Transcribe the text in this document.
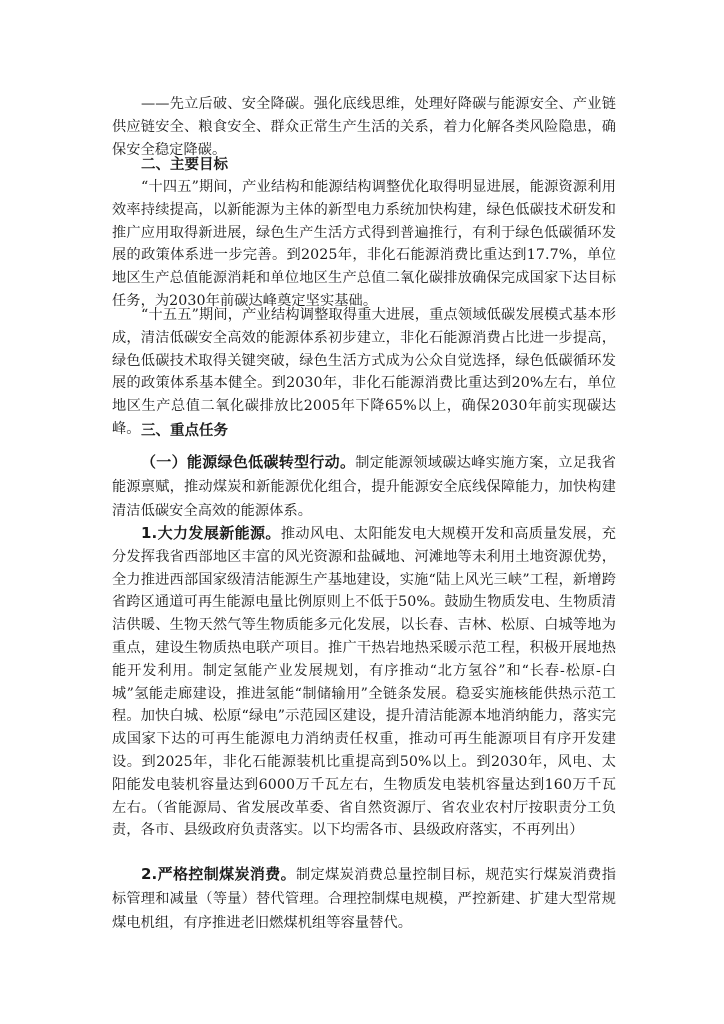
——先立后破、安全降碳。强化底线思维，处理好降碳与能源安全、产业链供应链安全、粮食安全、群众正常生产生活的关系，着力化解各类风险隐患，确保安全稳定降碳。
二、主要目标
“十四五”期间，产业结构和能源结构调整优化取得明显进展，能源资源利用效率持续提高，以新能源为主体的新型电力系统加快构建，绿色低碳技术研发和推广应用取得新进展，绿色生产生活方式得到普遍推行，有利于绿色低碳循环发展的政策体系进一步完善。到2025年，非化石能源消费比重达到17.7%，单位地区生产总值能源消耗和单位地区生产总值二氧化碳排放确保完成国家下达目标任务，为2030年前碳达峰奠定坚实基础。
“十五五”期间，产业结构调整取得重大进展，重点领域低碳发展模式基本形成，清洁低碳安全高效的能源体系初步建立，非化石能源消费占比进一步提高，绿色低碳技术取得关键突破，绿色生活方式成为公众自觉选择，绿色低碳循环发展的政策体系基本健全。到2030年，非化石能源消费比重达到20%左右，单位地区生产总值二氧化碳排放比2005年下降65%以上，确保2030年前实现碳达峰。 三、重点任务
（一）能源绿色低碳转型行动。制定能源领域碳达峰实施方案，立足我省能源禀赋，推动煤炭和新能源优化组合，提升能源安全底线保障能力，加快构建清洁低碳安全高效的能源体系。
1.大力发展新能源。推动风电、太阳能发电大规模开发和高质量发展，充分发挥我省西部地区丰富的风光资源和盐碱地、河滩地等未利用土地资源优势，全力推进西部国家级清洁能源生产基地建设，实施“陆上风光三峡”工程，新增跨省跨区通道可再生能源电量比例原则上不低于50%。鼓励生物质发电、生物质清洁供暖、生物天然气等生物质能多元化发展，以长春、吉林、松原、白城等地为重点，建设生物质热电联产项目。推广干热岩地热采暖示范工程，积极开展地热能开发利用。制定氢能产业发展规划，有序推动“北方氢谷”和“长春-松原-白城”氢能走廊建设，推进氢能“制储输用”全链条发展。稳妥实施核能供热示范工程。加快白城、松原“绿电”示范园区建设，提升清洁能源本地消纳能力，落实完成国家下达的可再生能源电力消纳责任权重，推动可再生能源项目有序开发建设。到2025年，非化石能源装机比重提高到50%以上。到2030年，风电、太阳能发电装机容量达到6000万千瓦左右，生物质发电装机容量达到160万千瓦左右。（省能源局、省发展改革委、省自然资源厅、省农业农村厅按职责分工负责，各市、县级政府负责落实。以下均需各市、县级政府落实，不再列出）
2.严格控制煤炭消费。制定煤炭消费总量控制目标，规范实行煤炭消费指标管理和减量（等量）替代管理。合理控制煤电规模，严控新建、扩建大型常规煤电机组，有序推进老旧燃煤机组等容量替代。
